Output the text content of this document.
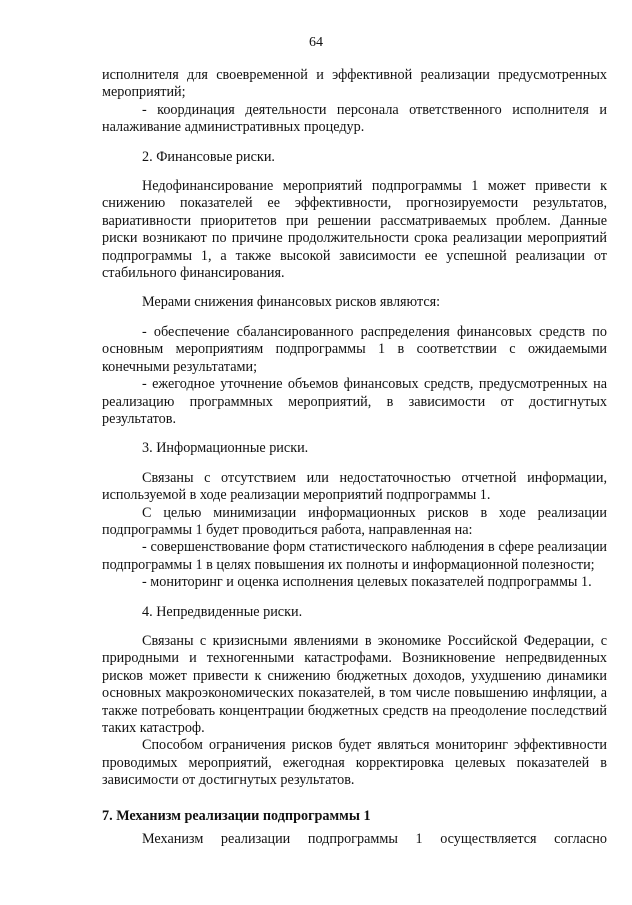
64

исполнителя для своевременной и эффективной реализации предусмотренных мероприятий;

- координация деятельности персонала ответственного исполнителя и налаживание административных процедур.

2. Финансовые риски.

Недофинансирование мероприятий подпрограммы 1 может привести к снижению показателей ее эффективности, прогнозируемости результатов, вариативности приоритетов при решении рассматриваемых проблем. Данные риски возникают по причине продолжительности срока реализации мероприятий подпрограммы 1, а также высокой зависимости ее успешной реализации от стабильного финансирования.

Мерами снижения финансовых рисков являются:

- обеспечение сбалансированного распределения финансовых средств по основным мероприятиям подпрограммы 1 в соответствии с ожидаемыми конечными результатами;

- ежегодное уточнение объемов финансовых средств, предусмотренных на реализацию программных мероприятий, в зависимости от достигнутых результатов.

3. Информационные риски.

Связаны с отсутствием или недостаточностью отчетной информации, используемой в ходе реализации мероприятий подпрограммы 1.

С целью минимизации информационных рисков в ходе реализации подпрограммы 1 будет проводиться работа, направленная на:

- совершенствование форм статистического наблюдения в сфере реализации подпрограммы 1 в целях повышения их полноты и информационной полезности;

- мониторинг и оценка исполнения целевых показателей подпрограммы 1.

4. Непредвиденные риски.

Связаны с кризисными явлениями в экономике Российской Федерации, с природными и техногенными катастрофами. Возникновение непредвиденных рисков может привести к снижению бюджетных доходов, ухудшению динамики основных макроэкономических показателей, в том числе повышению инфляции, а также потребовать концентрации бюджетных средств на преодоление последствий таких катастроф.

Способом ограничения рисков будет являться мониторинг эффективности проводимых мероприятий, ежегодная корректировка целевых показателей в зависимости от достигнутых результатов.

7. Механизм реализации подпрограммы 1

Механизм реализации подпрограммы 1 осуществляется согласно
